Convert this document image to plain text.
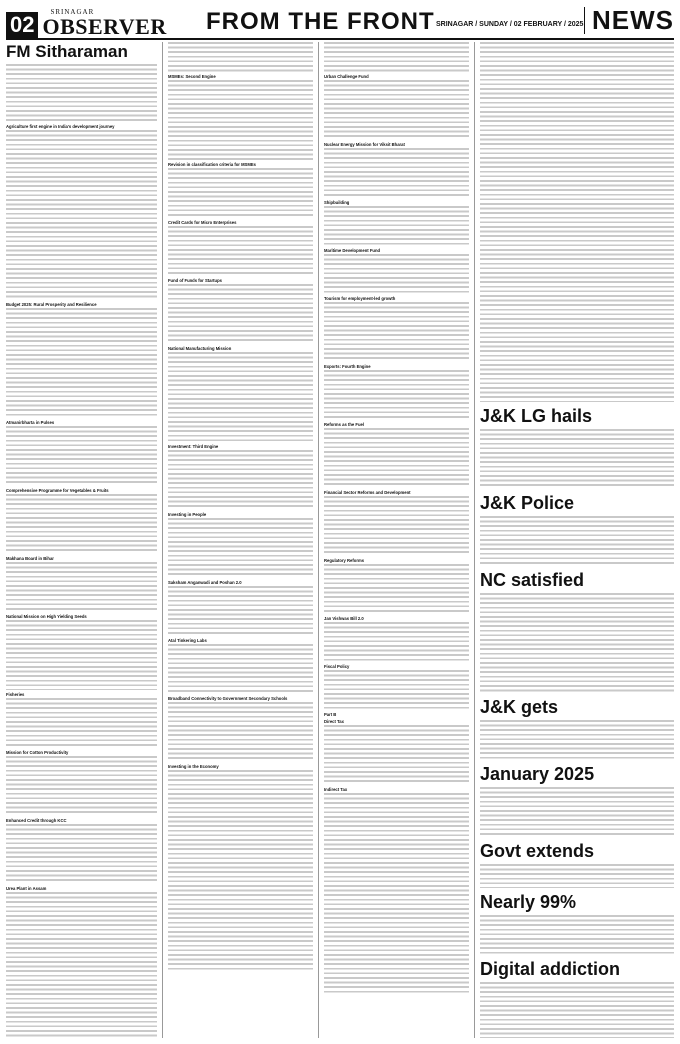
02	SRINAGAR
OBSERVER FROM THE FRONT SRINAGAR / SUNDAY / 02 FEBRUARY / 2025 NEWS
FM Sitharaman
Agriculture first engine in India's development journey
Budget 2025: Rural Prosperity and Resilience
Atmanirbharta in Pulses
Comprehensive Programme for Vegetables & Fruits
Makhana Board in Bihar
National Mission on High Yielding Seeds
Fisheries
Mission for Cotton Productivity
Enhanced Credit through KCC
Urea Plant in Assam
MSMEs: Second Engine
Revision in classification criteria for MSMEs
Credit Cards for Micro Enterprises
Fund of Funds for Startups
National Manufacturing Mission
Investment: Third Engine
Investing in People
Saksham Anganwadi and Poshan 2.0
Atal Tinkering Labs
Broadband Connectivity to Government Secondary Schools
Investing in the Economy
Urban Challenge Fund
Nuclear Energy Mission for Viksit Bharat
Shipbuilding
Maritime Development Fund
Tourism for employment-led growth
Exports: Fourth Engine
Reforms as the Fuel
Financial Sector Reforms and Development
Regulatory Reforms
Jan Vishwas Bill 2.0
Fiscal Policy
Part B
Direct Tax
Indirect Tax
J&K LG hails
J&K Police
NC satisfied
J&K gets
January 2025
Govt extends
Nearly 99%
Digital addiction
